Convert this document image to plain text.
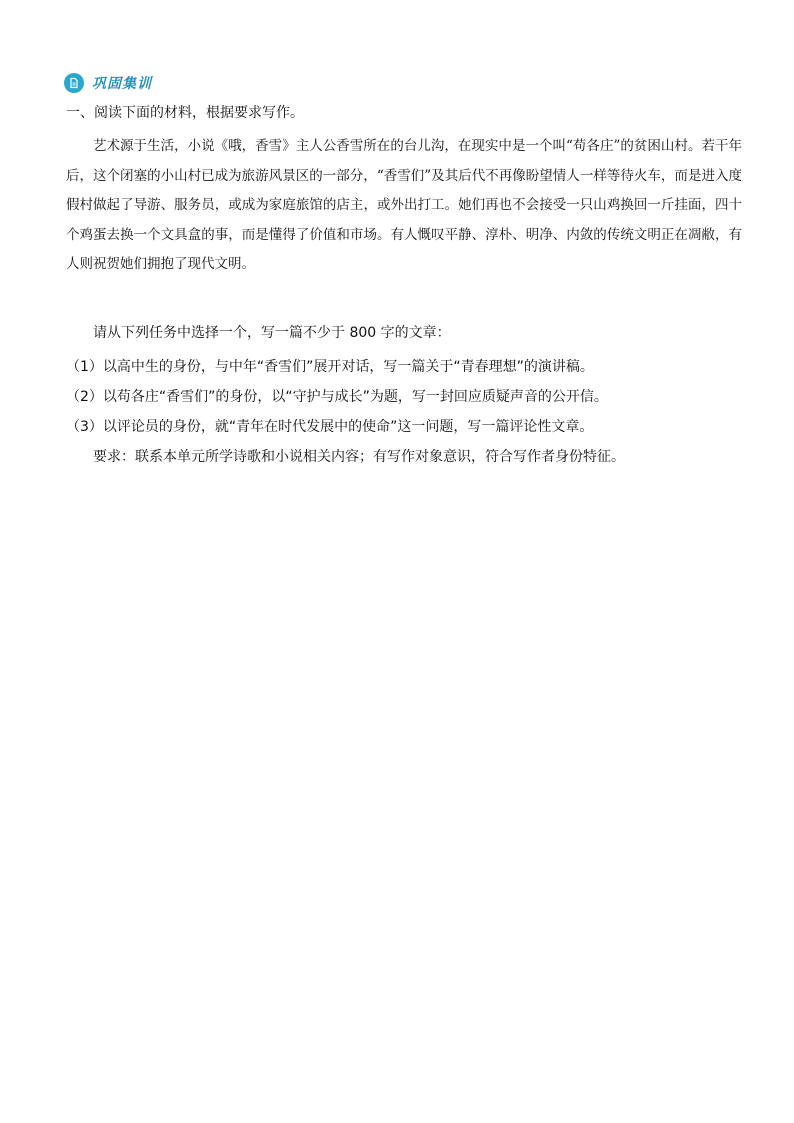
巩固集训
一、阅读下面的材料，根据要求写作。

艺术源于生活，小说《哦，香雪》主人公香雪所在的台儿沟，在现实中是一个叫“苟各庄”的贫困山村。若干年后，这个闭塞的小山村已成为旅游风景区的一部分，“香雪们”及其后代不再像盼望情人一样等待火车，而是进入度假村做起了导游、服务员，或成为家庭旅馆的店主，或外出打工。她们再也不会接受一只山鸡换回一斤挂面，四十个鸡蛋去换一个文具盒的事，而是懂得了价值和市场。有人慨叹平静、淳朴、明净、内敛的传统文明正在凋敝，有人则祝贺她们拥抱了现代文明。

请从下列任务中选择一个，写一篇不少于 800 字的文章：
（1）以高中生的身份，与中年“香雪们”展开对话，写一篇关于“青春理想”的演讲稿。
（2）以苟各庄“香雪们”的身份，以“守护与成长”为题，写一封回应质疑声音的公开信。
（3）以评论员的身份，就“青年在时代发展中的使命”这一问题，写一篇评论性文章。
要求：联系本单元所学诗歌和小说相关内容；有写作对象意识，符合写作者身份特征。
